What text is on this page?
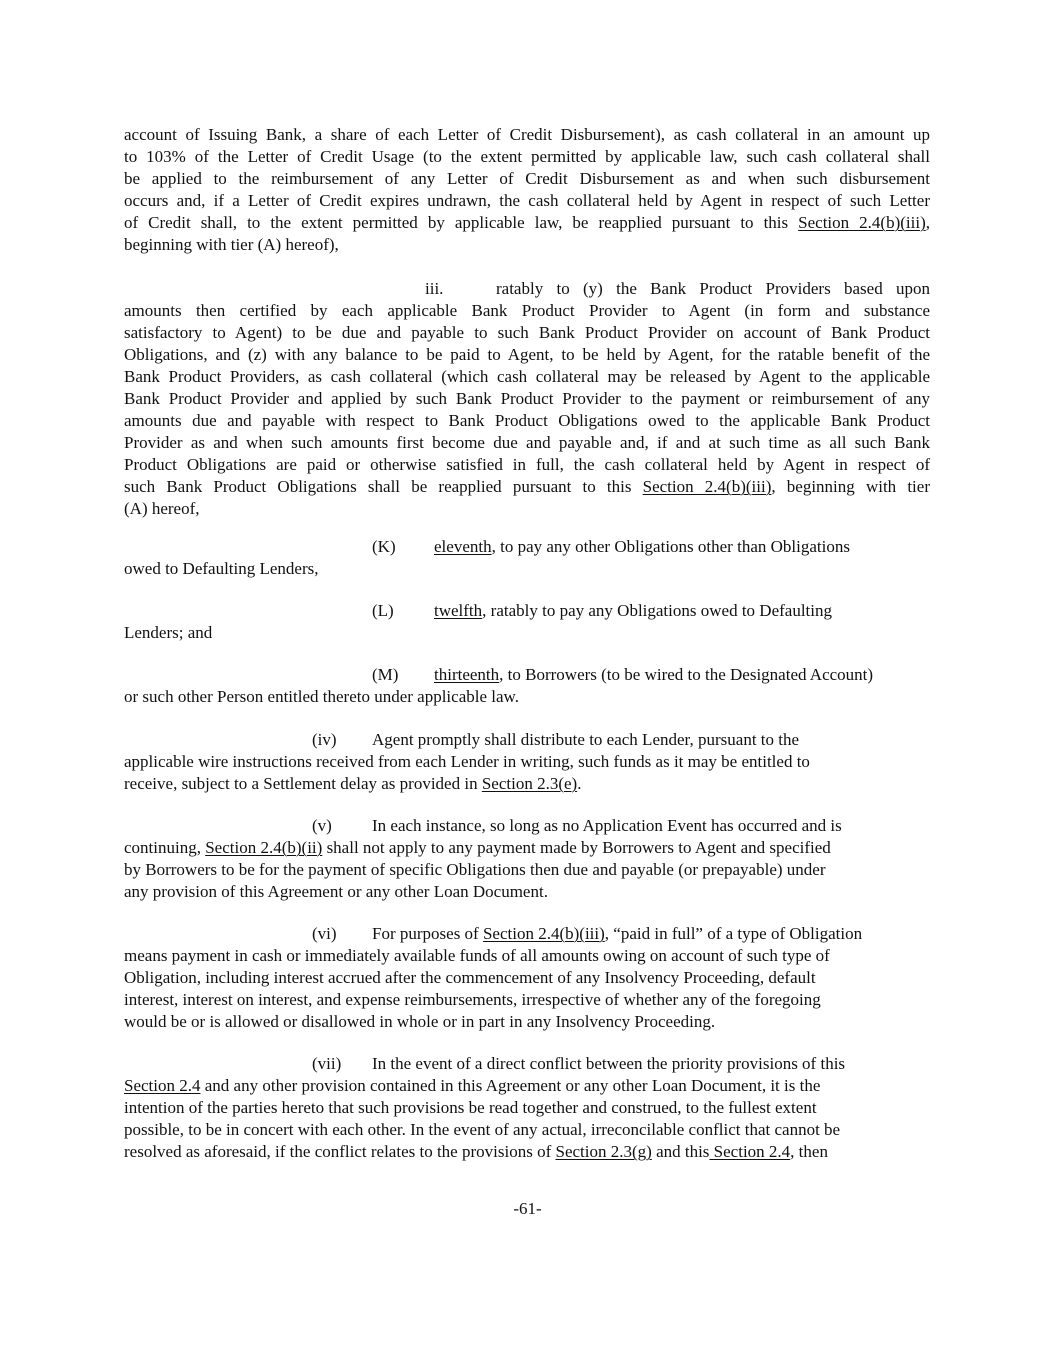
account of Issuing Bank, a share of each Letter of Credit Disbursement), as cash collateral in an amount up
to 103% of the Letter of Credit Usage (to the extent permitted by applicable law, such cash collateral shall
be applied to the reimbursement of any Letter of Credit Disbursement as and when such disbursement
occurs and, if a Letter of Credit expires undrawn, the cash collateral held by Agent in respect of such Letter
of Credit shall, to the extent permitted by applicable law, be reapplied pursuant to this Section 2.4(b)(iii),
beginning with tier (A) hereof),
iii.	ratably to (y) the Bank Product Providers based upon
amounts then certified by each applicable Bank Product Provider to Agent (in form and substance
satisfactory to Agent) to be due and payable to such Bank Product Provider on account of Bank Product
Obligations, and (z) with any balance to be paid to Agent, to be held by Agent, for the ratable benefit of the
Bank Product Providers, as cash collateral (which cash collateral may be released by Agent to the applicable
Bank Product Provider and applied by such Bank Product Provider to the payment or reimbursement of any
amounts due and payable with respect to Bank Product Obligations owed to the applicable Bank Product
Provider as and when such amounts first become due and payable and, if and at such time as all such Bank
Product Obligations are paid or otherwise satisfied in full, the cash collateral held by Agent in respect of
such Bank Product Obligations shall be reapplied pursuant to this Section 2.4(b)(iii), beginning with tier
(A) hereof,
(K) eleventh, to pay any other Obligations other than Obligations
owed to Defaulting Lenders,
(L) twelfth, ratably to pay any Obligations owed to Defaulting
Lenders; and
(M) thirteenth, to Borrowers (to be wired to the Designated Account)
or such other Person entitled thereto under applicable law.
(iv) Agent promptly shall distribute to each Lender, pursuant to the
applicable wire instructions received from each Lender in writing, such funds as it may be entitled to
receive, subject to a Settlement delay as provided in Section 2.3(e).
(v) In each instance, so long as no Application Event has occurred and is
continuing, Section 2.4(b)(ii) shall not apply to any payment made by Borrowers to Agent and specified
by Borrowers to be for the payment of specific Obligations then due and payable (or prepayable) under
any provision of this Agreement or any other Loan Document.
(vi) For purposes of Section 2.4(b)(iii), “paid in full” of a type of Obligation
means payment in cash or immediately available funds of all amounts owing on account of such type of
Obligation, including interest accrued after the commencement of any Insolvency Proceeding, default
interest, interest on interest, and expense reimbursements, irrespective of whether any of the foregoing
would be or is allowed or disallowed in whole or in part in any Insolvency Proceeding.
(vii) In the event of a direct conflict between the priority provisions of this
Section 2.4 and any other provision contained in this Agreement or any other Loan Document, it is the
intention of the parties hereto that such provisions be read together and construed, to the fullest extent
possible, to be in concert with each other. In the event of any actual, irreconcilable conflict that cannot be
resolved as aforesaid, if the conflict relates to the provisions of Section 2.3(g) and this Section 2.4, then
-61-
